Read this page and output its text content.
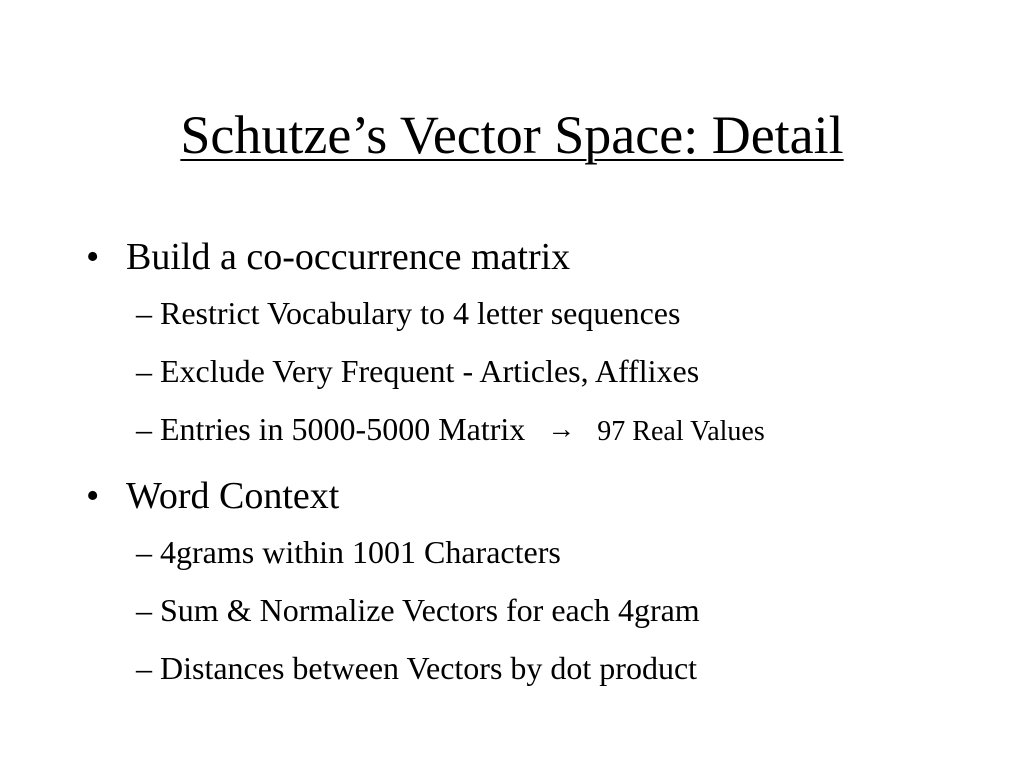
Schutze’s Vector Space: Detail

• Build a co-occurrence matrix

– Restrict Vocabulary to 4 letter sequences

– Exclude Very Frequent - Articles, Afflixes

– Entries in 5000-5000 Matrix → 97 Real Values

• Word Context

– 4grams within 1001 Characters

– Sum & Normalize Vectors for each 4gram

– Distances between Vectors by dot product
